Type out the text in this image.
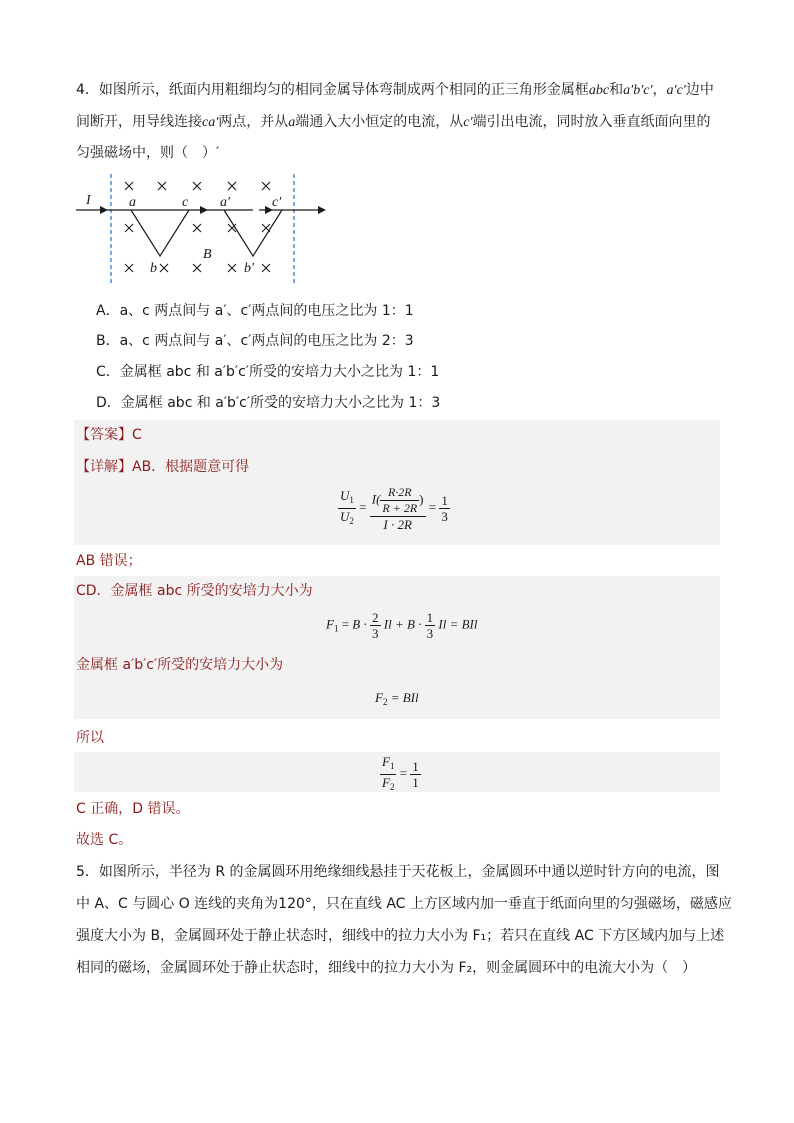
4．如图所示，纸面内用粗细均匀的相同金属导体弯制成两个相同的正三角形金属框abc和a′b′c′，a′c′边中
间断开，用导线连接ca′两点，并从a端通入大小恒定的电流，从c′端引出电流，同时放入垂直纸面向里的
匀强磁场中，则（　）′
I	a	c a′	c′
B
b	b′
A．a、c 两点间与 a′、c′两点间的电压之比为 1：1
B．a、c 两点间与 a′、c′两点间的电压之比为 2：3
C．金属框 abc 和 a′b′c′所受的安培力大小之比为 1：1
D．金属框 abc 和 a′b′c′所受的安培力大小之比为 1：3
【答案】C
【详解】AB．根据题意可得
$\frac{U_1}{U_2} = \frac{I( \frac{R\cdot 2R}{R + 2R} )}{I \cdot 2R} = \frac{1}{3}$
AB 错误；
CD．金属框 abc 所受的安培力大小为
$F_1 = B \cdot \frac{2}{3}$ $Il + B \cdot \frac{1}{3}$ Il = BIl
金属框 a′b′c′所受的安培力大小为
$F_2$ = BIl
所以
$\frac{F_1}{F_2} = \frac{1}{1}$
C 正确，D 错误。
故选 C。
5．如图所示，半径为 R 的金属圆环用绝缘细线悬挂于天花板上，金属圆环中通以逆时针方向的电流，图
中 A、C 与圆心 O 连线的夹角为120°，只在直线 AC 上方区域内加一垂直于纸面向里的匀强磁场，磁感应
强度大小为 B，金属圆环处于静止状态时，细线中的拉力大小为 F₁；若只在直线 AC 下方区域内加与上述
相同的磁场，金属圆环处于静止状态时，细线中的拉力大小为 F₂，则金属圆环中的电流大小为（　）
